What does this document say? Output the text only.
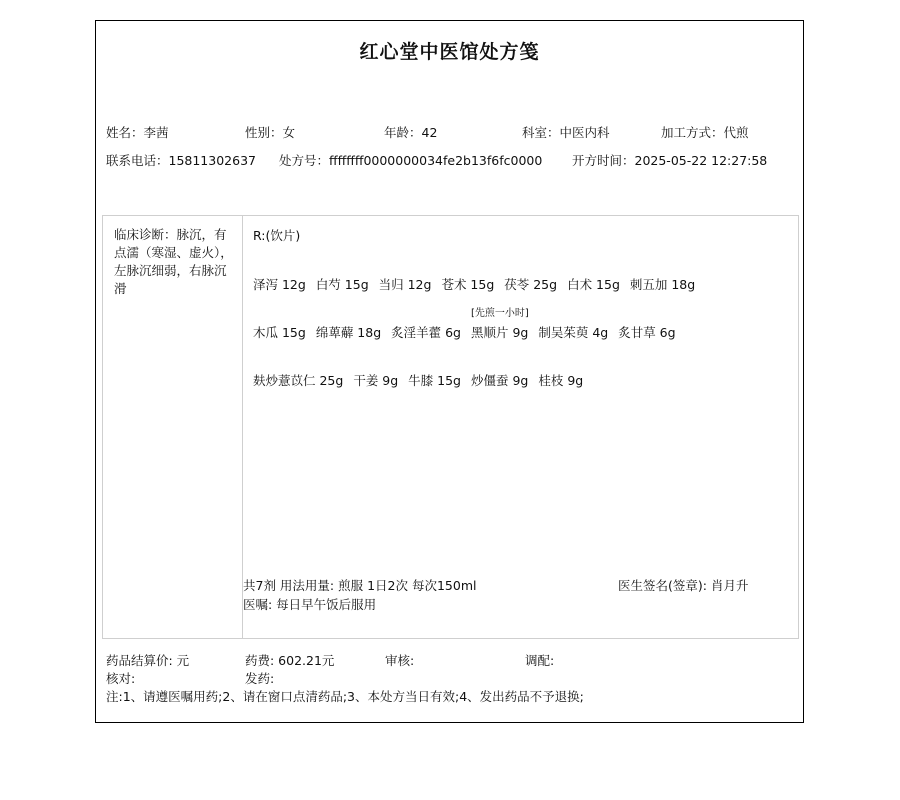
红心堂中医馆处方笺
姓名：李茜	性别：女	年龄：42	科室：中医内科	加工方式：代煎
联系电话：15811302637 处方号：ffffffff0000000034fe2b13f6fc0000 开方时间：2025-05-22 12:27:58
临床诊断：脉沉，有点濡（寒湿、虚火），左脉沉细弱，右脉沉滑
R:(饮片)
泽泻 12g 白芍 15g 当归 12g 苍术 15g 茯苓 25g 白术 15g 刺五加 18g
木瓜 15g 绵萆薢 18g 炙淫羊藿 6g
[先煎一小时]
黑顺片 9g 制吴茱萸 4g 炙甘草 6g
麸炒薏苡仁 25g 干姜 9g 牛膝 15g 炒僵蚕 9g 桂枝 9g
共7剂 用法用量: 煎服 1日2次 每次150ml
医嘱: 每日早午饭后服用
医生签名(签章): 肖月升
药品结算价: 元	药费: 602.21元	审核:	调配:
核对:	发药:
注:1、请遵医嘱用药;2、请在窗口点清药品;3、本处方当日有效;4、发出药品不予退换;
